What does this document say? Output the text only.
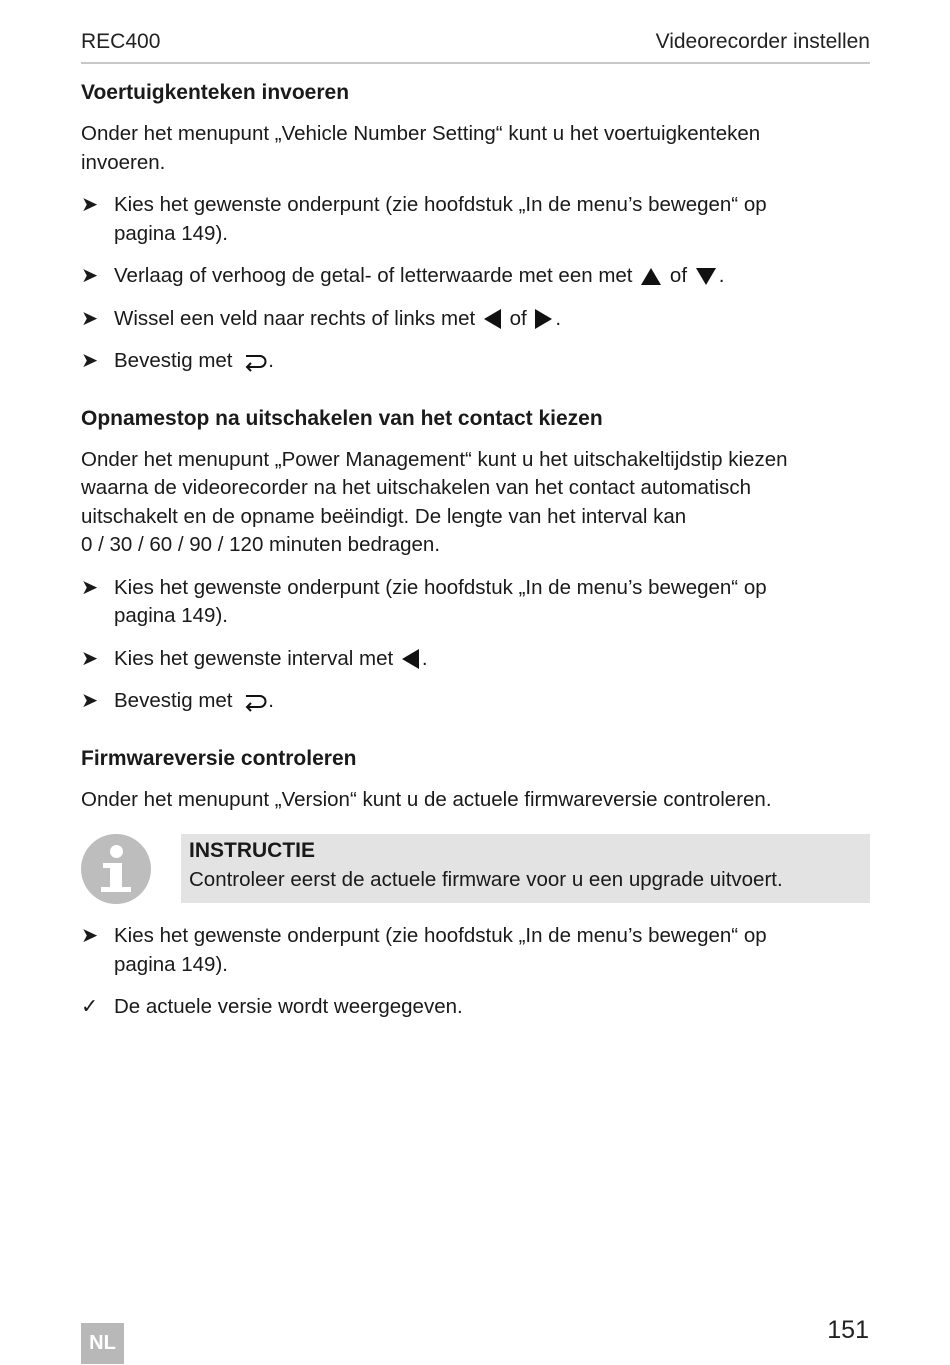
REC400	Videorecorder instellen
Voertuigkenteken invoeren

Onder het menupunt „Vehicle Number Setting“ kunt u het voertuigkenteken

invoeren.

➤ Kies het gewenste onderpunt (zie hoofdstuk „In de menu’s bewegen“ op
pagina 149).
➤ Verlaag of verhoog de getal- of letterwaarde met een met of .
➤ Wissel een veld naar rechts of links met of .
➤ Bevestig met .
Opnamestop na uitschakelen van het contact kiezen

Onder het menupunt „Power Management“ kunt u het uitschakeltijdstip kiezen

waarna de videorecorder na het uitschakelen van het contact automatisch

uitschakelt en de opname beëindigt. De lengte van het interval kan

0 / 30 / 60 / 90 / 120 minuten bedragen.

➤ Kies het gewenste onderpunt (zie hoofdstuk „In de menu’s bewegen“ op
pagina 149).
➤ Kies het gewenste interval met .
➤ Bevestig met .
Firmwareversie controleren

Onder het menupunt „Version“ kunt u de actuele firmwareversie controleren.

INSTRUCTIE
Controleer eerst de actuele firmware voor u een upgrade uitvoert.
➤ Kies het gewenste onderpunt (zie hoofdstuk „In de menu’s bewegen“ op
pagina 149).
✓ De actuele versie wordt weergegeven.
NL	151
